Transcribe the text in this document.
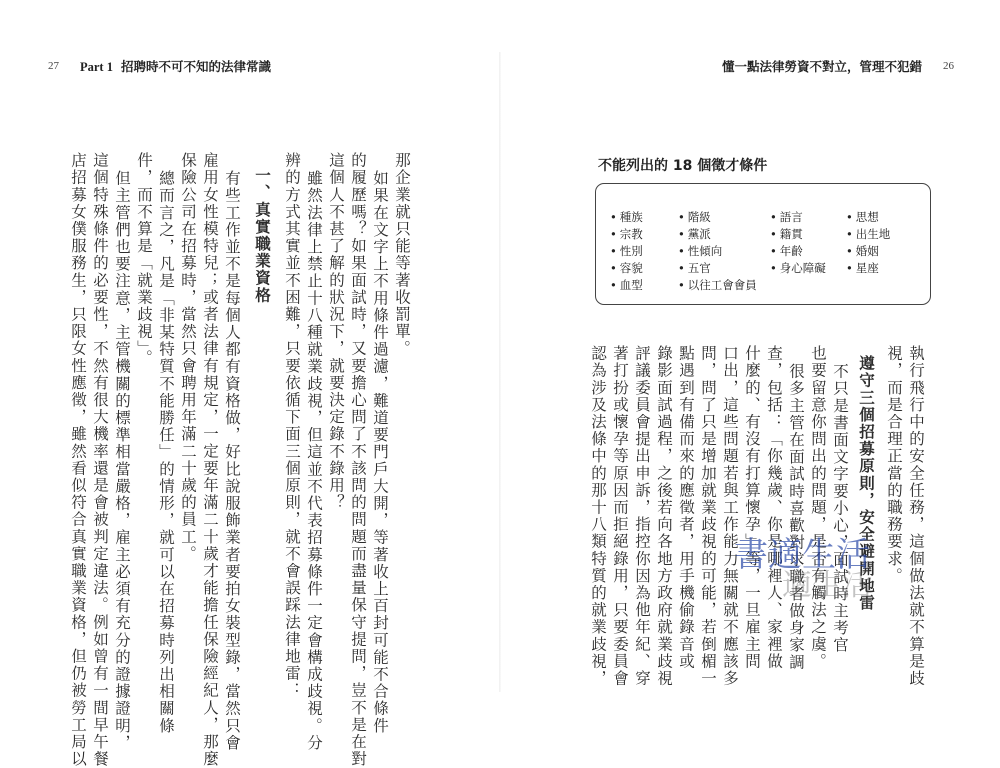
27 Part 1 招聘時不可不知的法律常識	懂一點法律勞資不對立，管理不犯錯 26
那企業就只能等著收罰單。
如果在文字上不用條件過濾，難道要門戶大開，等著收上百封可能不合條件
的履歷嗎？如果面試時，又要擔心問了不該問的問題而盡量保守提問，豈不是在對
這個人不甚了解的狀況下，就要決定錄不錄用？
雖然法律上禁止十八種就業歧視，但這並不代表招募條件一定會構成歧視。分
辨的方式其實並不困難，只要依循下面三個原則，就不會誤踩法律地雷：
一、真實職業資格
有些工作並不是每個人都有資格做，好比說服飾業者要拍女裝型錄，當然只會
雇用女性模特兒；或者法律有規定，一定要年滿二十歲才能擔任保險經紀人，那麼
保險公司在招募時，當然只會聘用年滿二十歲的員工。
總而言之，凡是「非某特質不能勝任」的情形，就可以在招募時列出相關條
件，而不算是「就業歧視」。
但主管們也要注意，主管機關的標準相當嚴格，雇主必須有充分的證據證明，
這個特殊條件的必要性，不然有很大機率還是會被判定違法。例如曾有一間早午餐
店招募女僕服務生，只限女性應徵，雖然看似符合真實職業資格，但仍被勞工局以	不能列出的 18 個徵才條件
• 種族
• 宗教
• 性別
• 容貌
• 血型
• 階級
• 黨派
• 性傾向
• 五官
• 以往工會會員
• 語言
• 籍貫
• 年齡
• 身心障礙
• 思想
• 出生地
• 婚姻
• 星座
執行飛行中的安全任務，這個做法就不算是歧
視，而是合理正當的職務要求。
遵守三個招募原則，安全避開地雷
不只是書面文字要小心，面試時主考官
也要留意你問出的問題，是否有觸法之虞。
很多主管在面試時喜歡對求職者做身家調
查，包括：「你幾歲、你是哪裡人、家裡做
什麼的、有沒有打算懷孕」等，一旦雇主問
口出，這些問題若與工作能力無關就不應該多
問，問了只是增加就業歧視的可能，若倒楣一
點遇到有備而來的應徵者，用手機偷錄音或
錄影面試過程，之後若向各地方政府就業歧視
評議委員會提出申訴，指控你因為他年紀、穿
著打扮或懷孕等原因而拒絕錄用，只要委員會
認為涉及法條中的那十八類特質的就業歧視，	書適生活
適生活
